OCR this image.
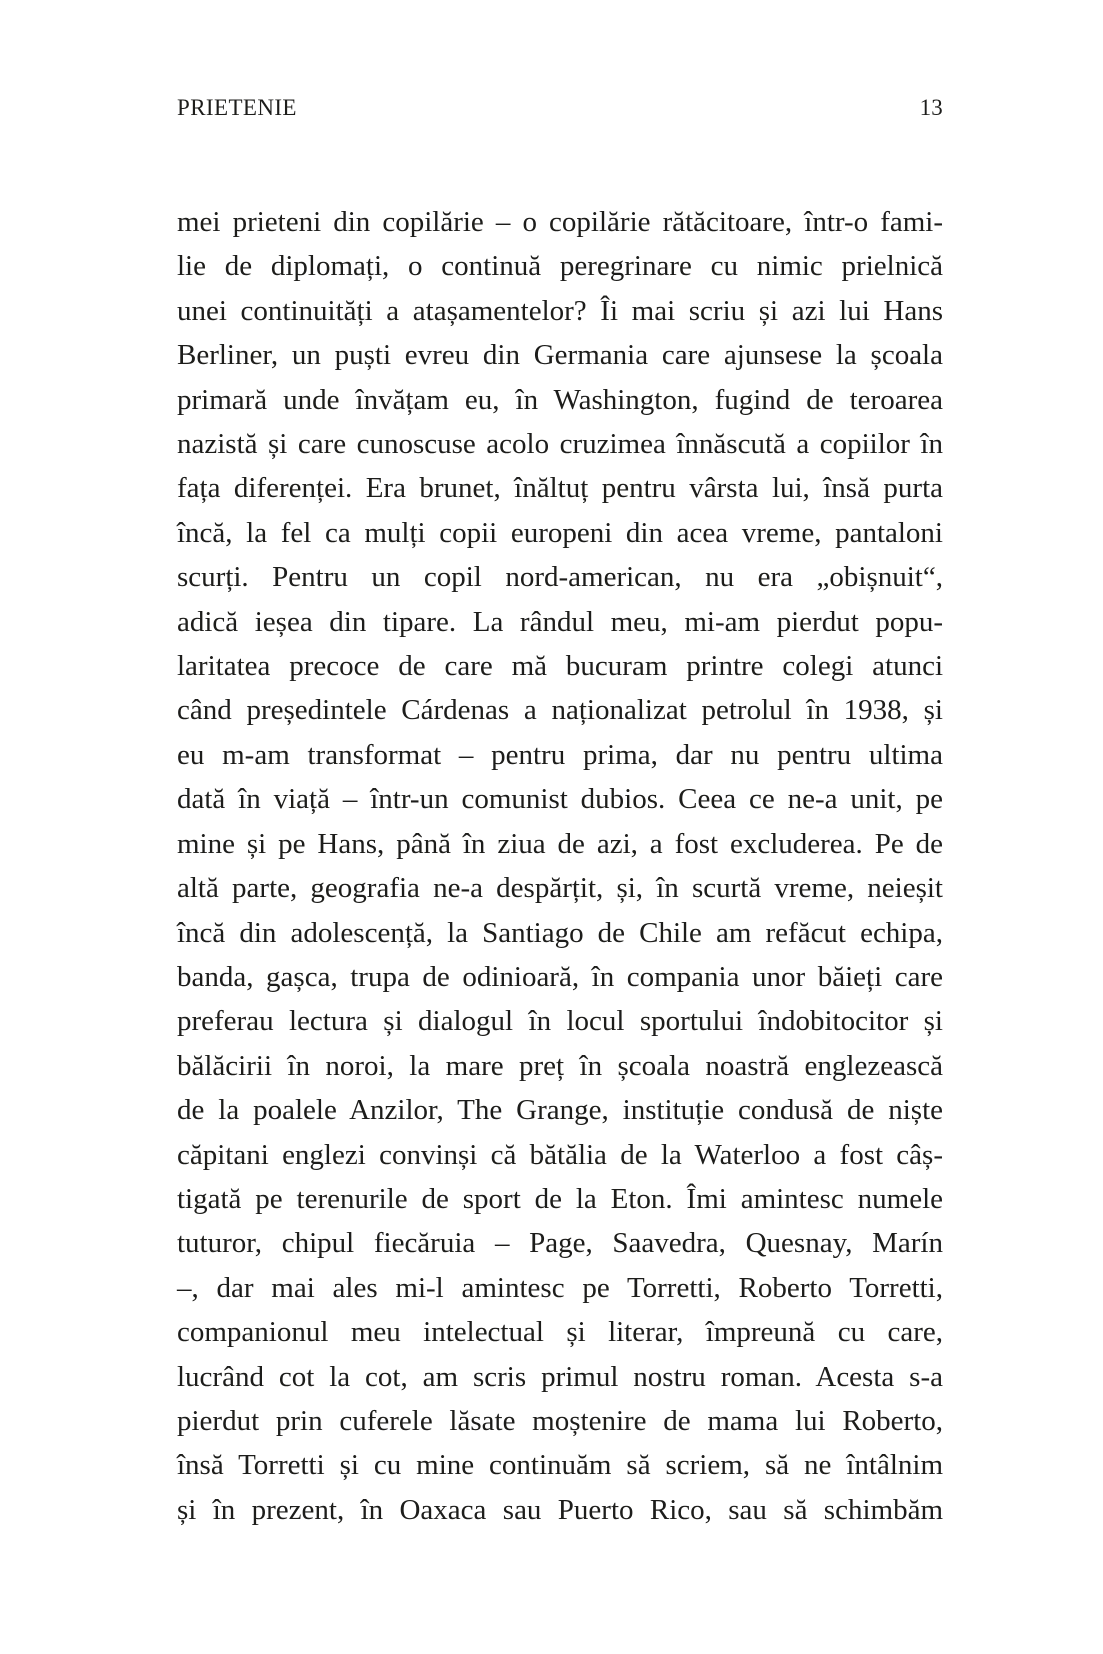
PRIETENIE	13
mei prieteni din copilărie – o copilărie rătăcitoare, într-o fami-
lie de diplomați, o continuă peregrinare cu nimic prielnică
unei continuități a atașamentelor? Îi mai scriu și azi lui Hans
Berliner, un puști evreu din Germania care ajunsese la școala
primară unde învățam eu, în Washington, fugind de teroarea
nazistă și care cunoscuse acolo cruzimea înnăscută a copiilor în
fața diferenței. Era brunet, înăltuț pentru vârsta lui, însă purta
încă, la fel ca mulți copii europeni din acea vreme, pantaloni
scurți. Pentru un copil nord-american, nu era „obișnuit“,
adică ieșea din tipare. La rândul meu, mi-am pierdut popu-
laritatea precoce de care mă bucuram printre colegi atunci
când președintele Cárdenas a naționalizat petrolul în 1938, și
eu m-am transformat – pentru prima, dar nu pentru ultima
dată în viață – într-un comunist dubios. Ceea ce ne-a unit, pe
mine și pe Hans, până în ziua de azi, a fost excluderea. Pe de
altă parte, geografia ne-a despărțit, și, în scurtă vreme, neieșit
încă din adolescență, la Santiago de Chile am refăcut echipa,
banda, gașca, trupa de odinioară, în compania unor băieți care
preferau lectura și dialogul în locul sportului îndobitocitor și
bălăcirii în noroi, la mare preț în școala noastră englezească
de la poalele Anzilor, The Grange, instituție condusă de niște
căpitani englezi convinși că bătălia de la Waterloo a fost câș-
tigată pe terenurile de sport de la Eton. Îmi amintesc numele
tuturor, chipul fiecăruia – Page, Saavedra, Quesnay, Marín
–, dar mai ales mi-l amintesc pe Torretti, Roberto Torretti,
companionul meu intelectual și literar, împreună cu care,
lucrând cot la cot, am scris primul nostru roman. Acesta s-a
pierdut prin cuferele lăsate moștenire de mama lui Roberto,
însă Torretti și cu mine continuăm să scriem, să ne întâlnim
și în prezent, în Oaxaca sau Puerto Rico, sau să schimbăm
